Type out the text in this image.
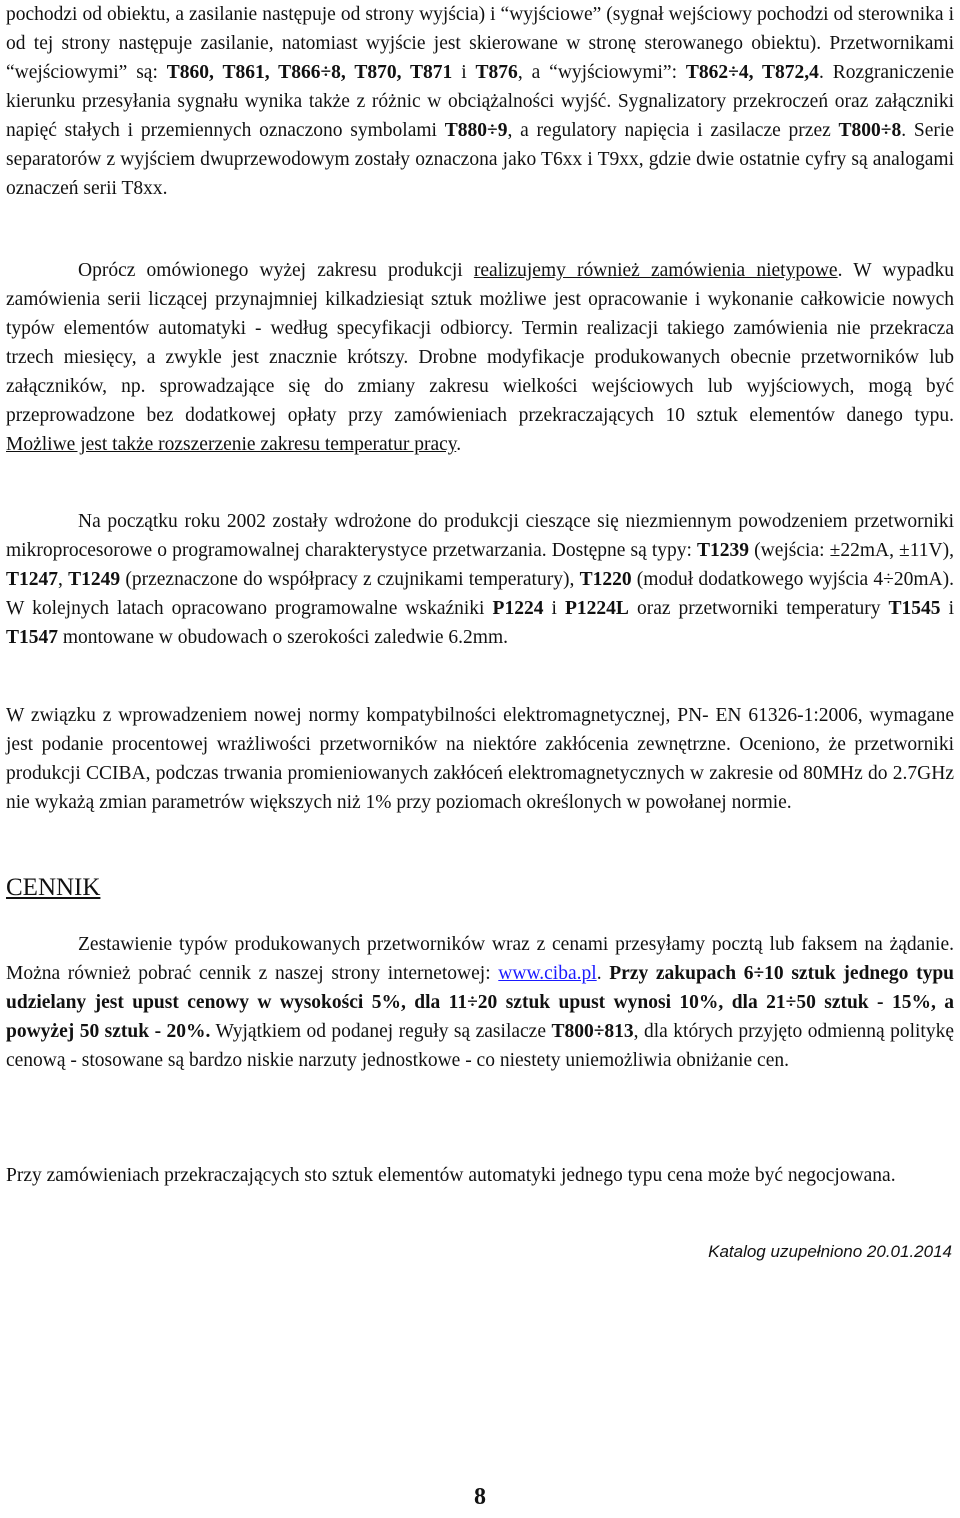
pochodzi od obiektu, a zasilanie następuje od strony wyjścia) i “wyjściowe” (sygnał wejściowy pochodzi od sterownika i od tej strony następuje zasilanie, natomiast wyjście jest skierowane w stronę sterowanego obiektu). Przetwornikami “wejściowymi” są: T860, T861, T866÷8, T870, T871 i T876, a “wyjściowymi”: T862÷4, T872,4. Rozgraniczenie kierunku przesyłania sygnału wynika także z różnic w obciążalności wyjść. Sygnalizatory przekroczeń oraz załączniki napięć stałych i przemiennych oznaczono symbolami T880÷9, a regulatory napięcia i zasilacze przez T800÷8. Serie separatorów z wyjściem dwuprzewodowym zostały oznaczona jako T6xx i T9xx, gdzie dwie ostatnie cyfry są analogami oznaczeń serii T8xx.

Oprócz omówionego wyżej zakresu produkcji realizujemy również zamówienia nietypowe. W wypadku zamówienia serii liczącej przynajmniej kilkadziesiąt sztuk możliwe jest opracowanie i wykonanie całkowicie nowych typów elementów automatyki - według specyfikacji odbiorcy. Termin realizacji takiego zamówienia nie przekracza trzech miesięcy, a zwykle jest znacznie krótszy. Drobne modyfikacje produkowanych obecnie przetworników lub załączników, np. sprowadzające się do zmiany zakresu wielkości wejściowych lub wyjściowych, mogą być przeprowadzone bez dodatkowej opłaty przy zamówieniach przekraczających 10 sztuk elementów danego typu. Możliwe jest także rozszerzenie zakresu temperatur pracy.

Na początku roku 2002 zostały wdrożone do produkcji cieszące się niezmiennym powodzeniem przetworniki mikroprocesorowe o programowalnej charakterystyce przetwarzania. Dostępne są typy: T1239 (wejścia: ±22mA, ±11V), T1247, T1249 (przeznaczone do współpracy z czujnikami temperatury), T1220 (moduł dodatkowego wyjścia 4÷20mA). W kolejnych latach opracowano programowalne wskaźniki P1224 i P1224L oraz przetworniki temperatury T1545 i T1547 montowane w obudowach o szerokości zaledwie 6.2mm.

W związku z wprowadzeniem nowej normy kompatybilności elektromagnetycznej, PN- EN 61326-1:2006, wymagane jest podanie procentowej wrażliwości przetworników na niektóre zakłócenia zewnętrzne. Oceniono, że przetworniki produkcji CCIBA, podczas trwania promieniowanych zakłóceń elektromagnetycznych w zakresie od 80MHz do 2.7GHz nie wykażą zmian parametrów większych niż 1% przy poziomach określonych w powołanej normie.

CENNIK

Zestawienie typów produkowanych przetworników wraz z cenami przesyłamy pocztą lub faksem na żądanie. Można również pobrać cennik z naszej strony internetowej: www.ciba.pl. Przy zakupach 6÷10 sztuk jednego typu udzielany jest upust cenowy w wysokości 5%, dla 11÷20 sztuk upust wynosi 10%, dla 21÷50 sztuk - 15%, a powyżej 50 sztuk - 20%. Wyjątkiem od podanej reguły są zasilacze T800÷813, dla których przyjęto odmienną politykę cenową - stosowane są bardzo niskie narzuty jednostkowe - co niestety uniemożliwia obniżanie cen.

Przy zamówieniach przekraczających sto sztuk elementów automatyki jednego typu cena może być negocjowana.

Katalog uzupełniono 20.01.2014

8
